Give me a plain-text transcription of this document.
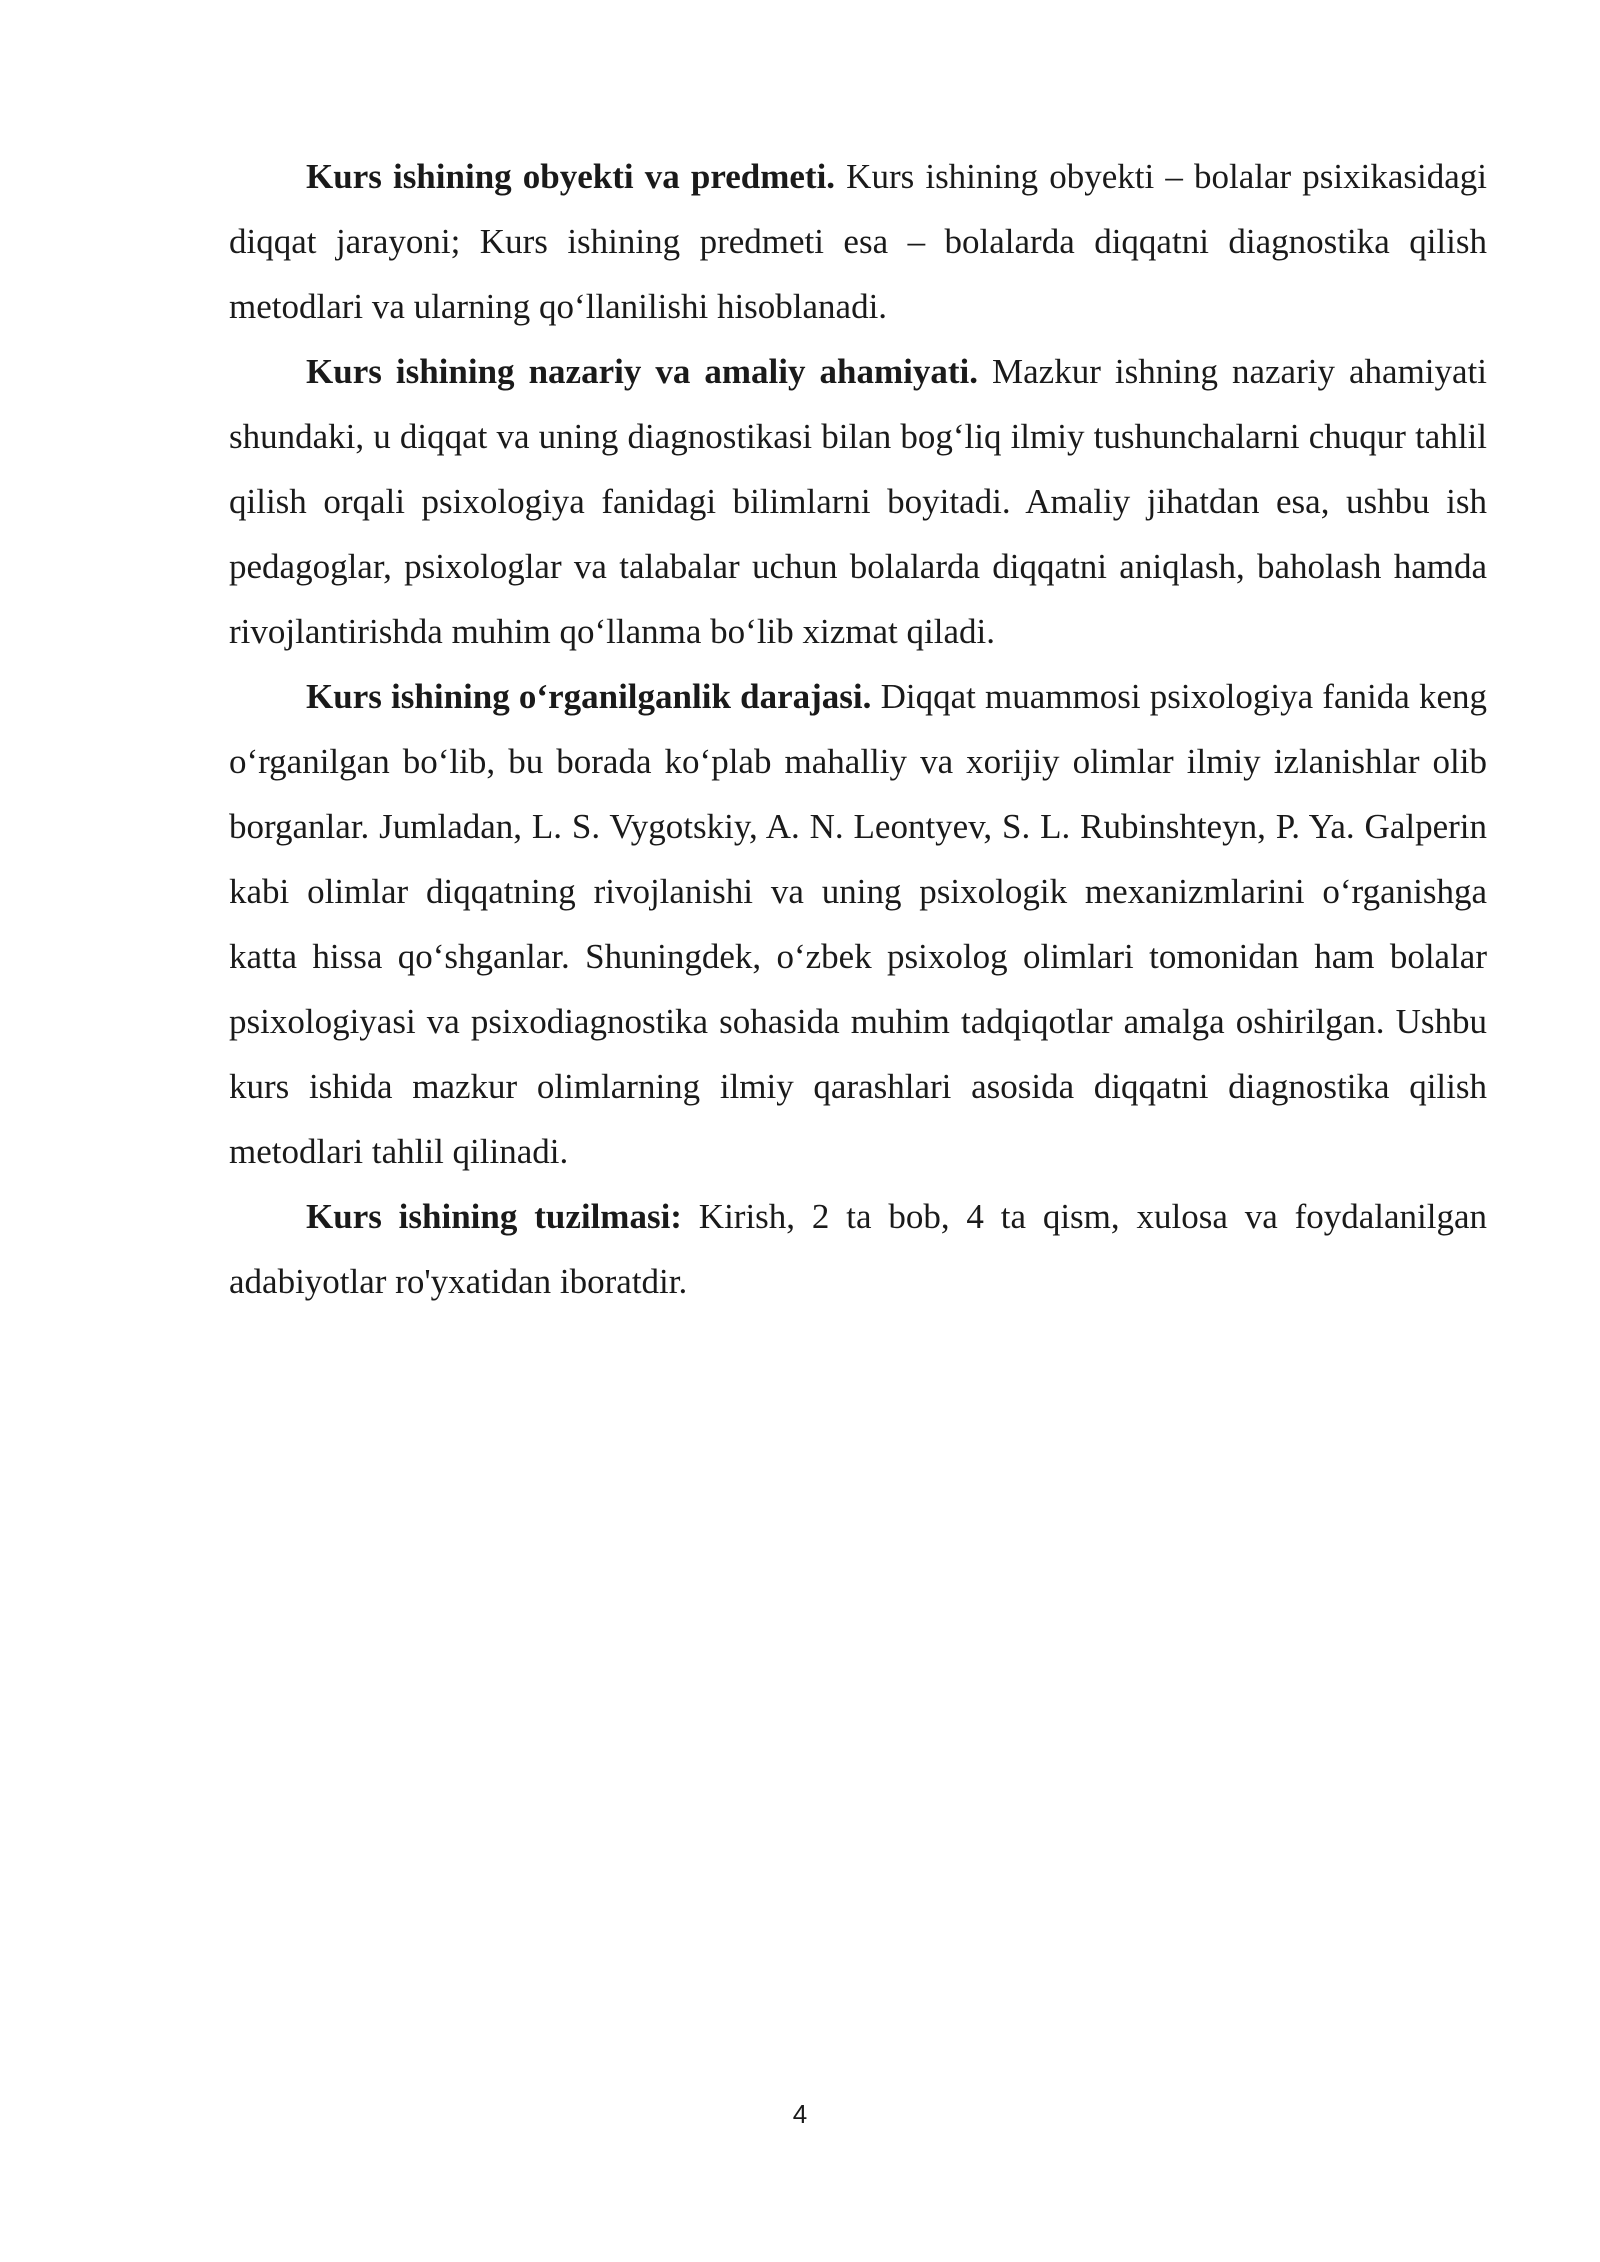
Kurs ishining obyekti va predmeti. Kurs ishining obyekti – bolalar psixikasidagi diqqat jarayoni; Kurs ishining predmeti esa – bolalarda diqqatni diagnostika qilish metodlari va ularning qo‘llanilishi hisoblanadi.

Kurs ishining nazariy va amaliy ahamiyati. Mazkur ishning nazariy ahamiyati shundaki, u diqqat va uning diagnostikasi bilan bog‘liq ilmiy tushunchalarni chuqur tahlil qilish orqali psixologiya fanidagi bilimlarni boyitadi. Amaliy jihatdan esa, ushbu ish pedagoglar, psixologlar va talabalar uchun bolalarda diqqatni aniqlash, baholash hamda rivojlantirishda muhim qo‘llanma bo‘lib xizmat qiladi.

Kurs ishining o‘rganilganlik darajasi. Diqqat muammosi psixologiya fanida keng o‘rganilgan bo‘lib, bu borada ko‘plab mahalliy va xorijiy olimlar ilmiy izlanishlar olib borganlar. Jumladan, L. S. Vygotskiy, A. N. Leontyev, S. L. Rubinshteyn, P. Ya. Galperin kabi olimlar diqqatning rivojlanishi va uning psixologik mexanizmlarini o‘rganishga katta hissa qo‘shganlar. Shuningdek, o‘zbek psixolog olimlari tomonidan ham bolalar psixologiyasi va psixodiagnostika sohasida muhim tadqiqotlar amalga oshirilgan. Ushbu kurs ishida mazkur olimlarning ilmiy qarashlari asosida diqqatni diagnostika qilish metodlari tahlil qilinadi.

Kurs ishining tuzilmasi: Kirish, 2 ta bob, 4 ta qism, xulosa va foydalanilgan adabiyotlar ro'yxatidan iboratdir.

4
